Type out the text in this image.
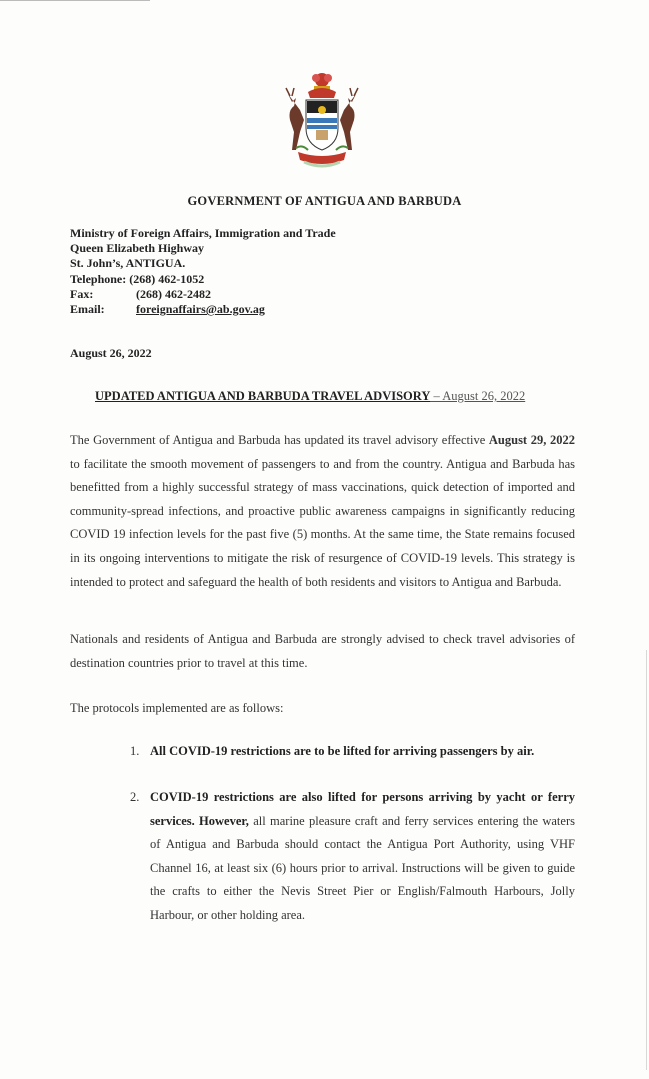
GOVERNMENT OF ANTIGUA AND BARBUDA
Ministry of Foreign Affairs, Immigration and Trade
Queen Elizabeth Highway
St. John’s, ANTIGUA.
Telephone: (268) 462-1052
Fax:	(268) 462-2482
Email:	foreignaffairs@ab.gov.ag
August 26, 2022
UPDATED ANTIGUA AND BARBUDA TRAVEL ADVISORY – August 26, 2022
The Government of Antigua and Barbuda has updated its travel advisory effective August 29, 2022 to facilitate the smooth movement of passengers to and from the country. Antigua and Barbuda has benefitted from a highly successful strategy of mass vaccinations, quick detection of imported and community-spread infections, and proactive public awareness campaigns in significantly reducing COVID 19 infection levels for the past five (5) months. At the same time, the State remains focused in its ongoing interventions to mitigate the risk of resurgence of COVID-19 levels. This strategy is intended to protect and safeguard the health of both residents and visitors to Antigua and Barbuda.
Nationals and residents of Antigua and Barbuda are strongly advised to check travel advisories of destination countries prior to travel at this time.
The protocols implemented are as follows:
1. All COVID-19 restrictions are to be lifted for arriving passengers by air.
2. COVID-19 restrictions are also lifted for persons arriving by yacht or ferry services. However, all marine pleasure craft and ferry services entering the waters of Antigua and Barbuda should contact the Antigua Port Authority, using VHF Channel 16, at least six (6) hours prior to arrival. Instructions will be given to guide the crafts to either the Nevis Street Pier or English/Falmouth Harbours, Jolly Harbour, or other holding area.
